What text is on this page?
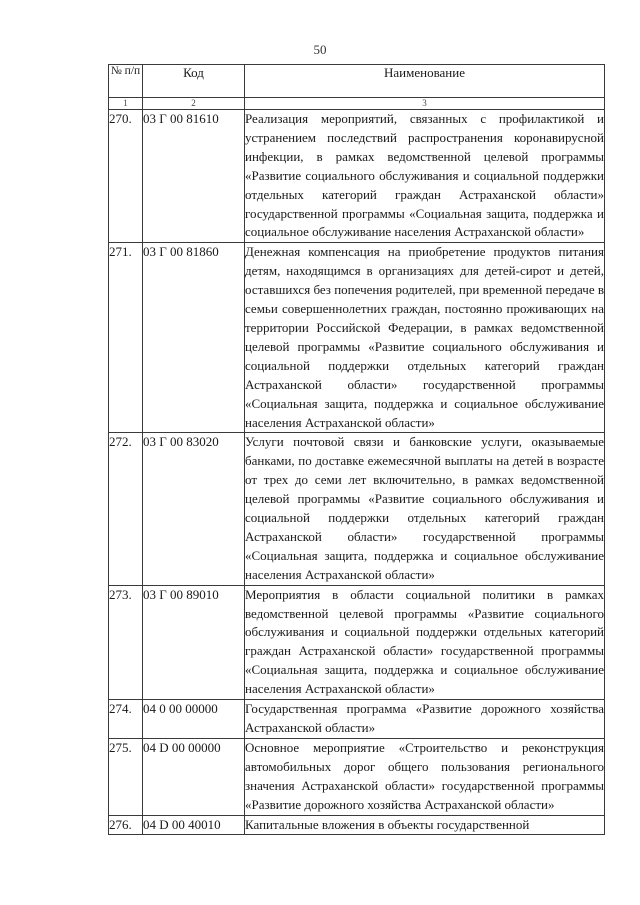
50
№ п/п	Код	Наименование
1	2	3
270.	03 Г 00 81610	Реализация мероприятий, связанных с профилактикой и устранением последствий распространения коронавирусной инфекции, в рамках ведомственной целевой программы «Развитие социального обслуживания и социальной поддержки отдельных категорий граждан Астраханской области» государственной программы «Социальная защита, поддержка и социальное обслуживание населения Астраханской области»
271.	03 Г 00 81860	Денежная компенсация на приобретение продуктов питания детям, находящимся в организациях для детей-сирот и детей, оставшихся без попечения родителей, при временной передаче в семьи совершеннолетних граждан, постоянно проживающих на территории Российской Федерации, в рамках ведомственной целевой программы «Развитие социального обслуживания и социальной поддержки отдельных категорий граждан Астраханской области» государственной программы «Социальная защита, поддержка и социальное обслуживание населения Астраханской области»
272.	03 Г 00 83020	Услуги почтовой связи и банковские услуги, оказываемые банками, по доставке ежемесячной выплаты на детей в возрасте от трех до семи лет включительно, в рамках ведомственной целевой программы «Развитие социального обслуживания и социальной поддержки отдельных категорий граждан Астраханской области» государственной программы «Социальная защита, поддержка и социальное обслуживание населения Астраханской области»
273.	03 Г 00 89010	Мероприятия в области социальной политики в рамках ведомственной целевой программы «Развитие социального обслуживания и социальной поддержки отдельных категорий граждан Астраханской области» государственной программы «Социальная защита, поддержка и социальное обслуживание населения Астраханской области»
274.	04 0 00 00000	Государственная программа «Развитие дорожного хозяйства Астраханской области»
275.	04 D 00 00000	Основное мероприятие «Строительство и реконструкция автомобильных дорог общего пользования регионального значения Астраханской области» государственной программы «Развитие дорожного хозяйства Астраханской области»
276.	04 D 00 40010	Капитальные вложения в объекты государственной
